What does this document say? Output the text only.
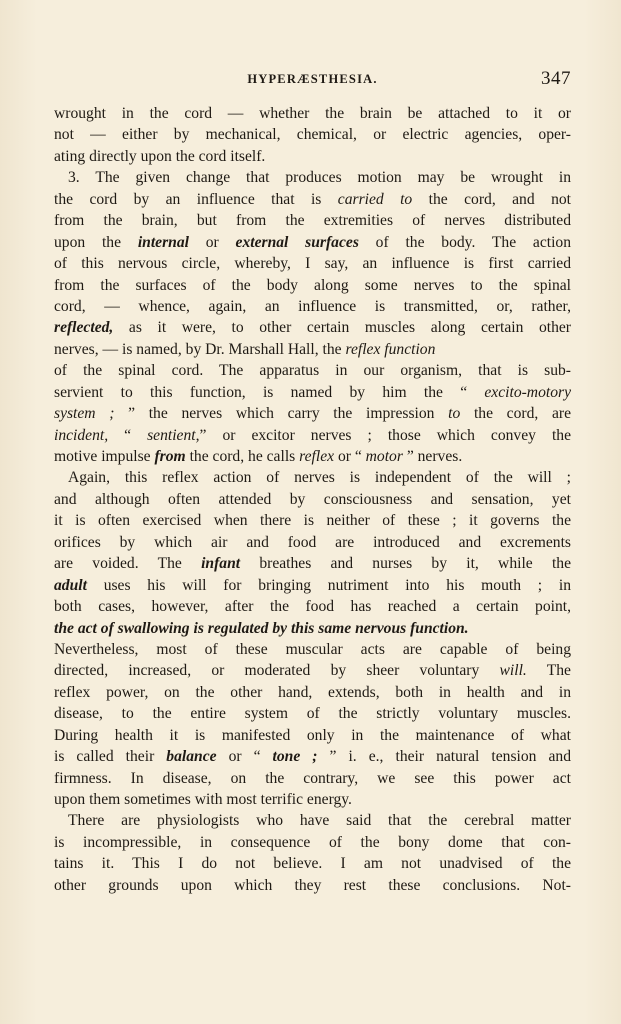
HYPERÆSTHESIA.	347
wrought in the cord — whether the brain be attached to it or
not — either by mechanical, chemical, or electric agencies, oper-
ating directly upon the cord itself.
3. The given change that produces motion may be wrought in
the cord by an influence that is carried to the cord, and not
from the brain, but from the extremities of nerves distributed
upon the internal or external surfaces of the body. The action
of this nervous circle, whereby, I say, an influence is first carried
from the surfaces of the body along some nerves to the spinal
cord, — whence, again, an influence is transmitted, or, rather,
reflected, as it were, to other certain muscles along certain other
nerves, — is named, by Dr. Marshall Hall, the reflex function
of the spinal cord. The apparatus in our organism, that is sub-
servient to this function, is named by him the “ excito-motory
system ; ” the nerves which carry the impression to the cord, are
incident, “ sentient,” or excitor nerves ; those which convey the
motive impulse from the cord, he calls reflex or “ motor ” nerves.
Again, this reflex action of nerves is independent of the will ;
and although often attended by consciousness and sensation, yet
it is often exercised when there is neither of these ; it governs the
orifices by which air and food are introduced and excrements
are voided. The infant breathes and nurses by it, while the
adult uses his will for bringing nutriment into his mouth ; in
both cases, however, after the food has reached a certain point,
the act of swallowing is regulated by this same nervous function.
Nevertheless, most of these muscular acts are capable of being
directed, increased, or moderated by sheer voluntary will. The
reflex power, on the other hand, extends, both in health and in
disease, to the entire system of the strictly voluntary muscles.
During health it is manifested only in the maintenance of what
is called their balance or “ tone ; ” i. e., their natural tension and
firmness. In disease, on the contrary, we see this power act
upon them sometimes with most terrific energy.
There are physiologists who have said that the cerebral matter
is incompressible, in consequence of the bony dome that con-
tains it. This I do not believe. I am not unadvised of the
other grounds upon which they rest these conclusions. Not-
